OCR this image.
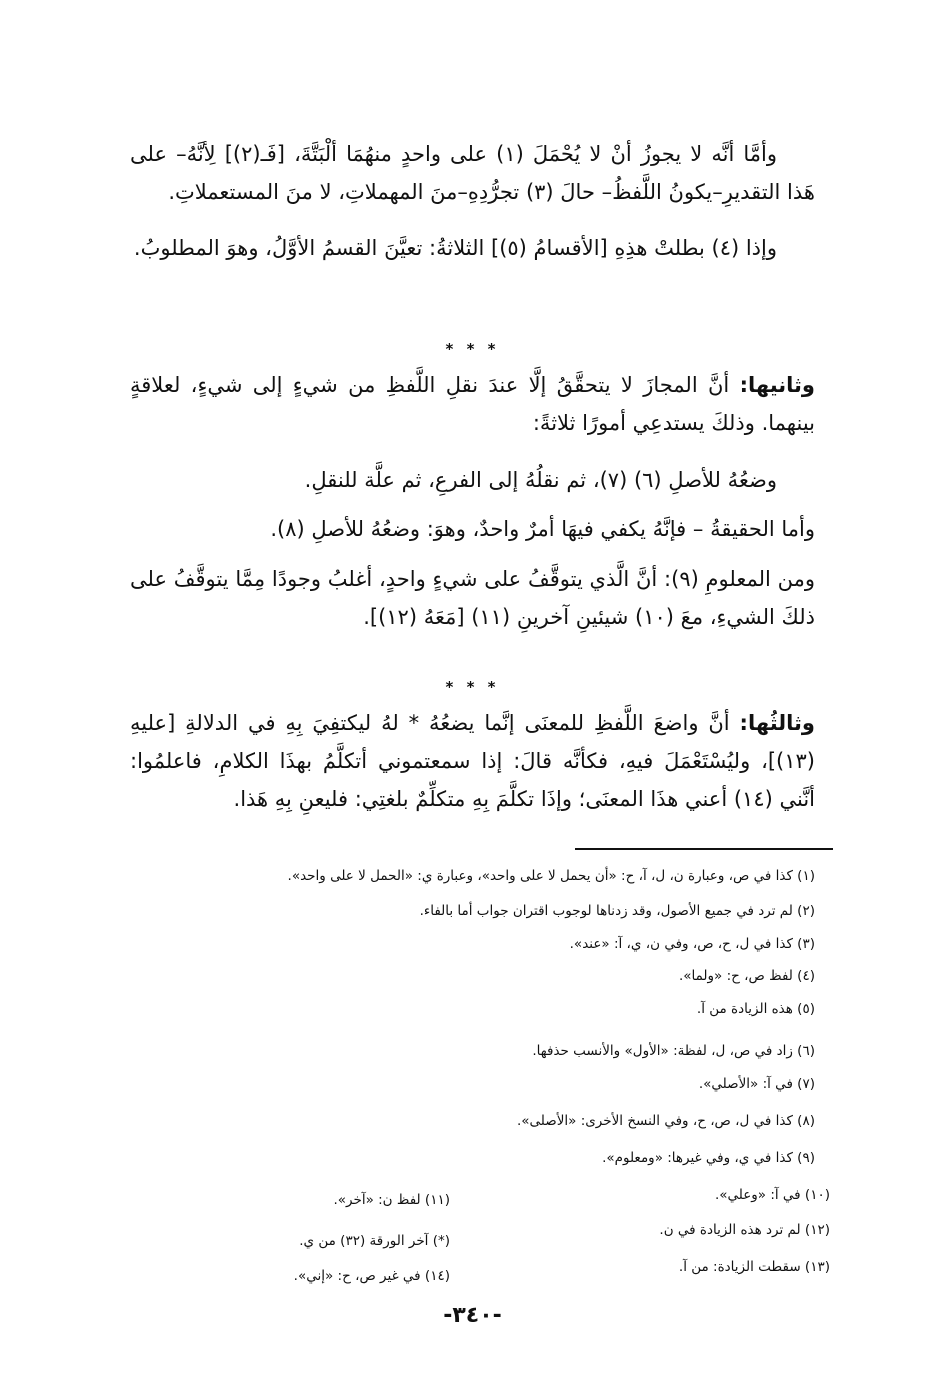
وأمَّا أنَّه لا يجوزُ أنْ لا يُحْمَلَ (١) على واحدٍ منهُمَا ألْبَتَّةَ، [فَـ(٢)] لِأنَّهُ– على هَذا التقديرِ–يكونُ اللَّفظُ– حالَ (٣) تجرُّدِهِ–منَ المهملاتِ، لا منَ المستعملاتِ.

وإذا (٤) بطلتْ هذِهِ [الأقسامُ (٥)] الثلاثةُ: تعيَّنَ القسمُ الأوَّلُ، وهوَ المطلوبُ.

* * *

وثانيها: أنَّ المجازَ لا يتحقَّقُ إلَّا عندَ نقلِ اللَّفظِ من شيءٍ إلى شيءٍ، لعلاقةٍ بينهما. وذلكَ يستدعِي أمورًا ثلاثةً:

وضعُهُ للأصلِ (٦) (٧)، ثم نقلُهُ إلى الفرعِ، ثم علَّة للنقلِ.

وأما الحقيقةُ – فإنَّهُ يكفي فيهَا أمرٌ واحدٌ، وهوَ: وضعُهُ للأصلِ (٨).

ومن المعلومِ (٩): أنَّ الَّذي يتوقَّفُ على شيءٍ واحدٍ، أغلبُ وجودًا مِمَّا يتوقَّفُ على ذلكَ الشيءِ، معَ (١٠) شيئينِ آخرينِ (١١) [مَعَهُ (١٢)].

* * *

وثالثُها: أنَّ واضعَ اللَّفظِ للمعنَى إنَّما يضعُهُ * لهُ ليكتفِيَ بِهِ في الدلالةِ [عليهِ (١٣)]، وليُسْتَعْمَلَ فيهِ، فكأنَّه قالَ: إذا سمعتموني أتكلَّمُ بهذَا الكلامِ، فاعلمُوا: أنَّني (١٤) أعني هذَا المعنَى؛ وإذَا تكلَّمَ بِهِ متكلِّمٌ بلغتِي: فليعنِ بِهِ هَذا.

(١) كذا في ص، وعبارة ن، ل، آ، ح: «أن يحمل لا على واحد»، وعبارة ي: «الحمل لا على واحد».
(٢) لم ترد في جميع الأصول، وقد زدناها لوجوب اقتران جواب أما بالفاء.
(٣) كذا في ل، ح، ص، وفي ن، ي، آ: «عند».
(٤) لفظ ص، ح: «ولما».
(٥) هذه الزيادة من آ.
(٦) زاد في ص، ل، لفظة: «الأول» والأنسب حذفها.
(٧) في آ: «الأصلي».
(٨) كذا في ل، ص، ح، وفي النسخ الأخرى: «الأصلى».
(٩) كذا في ي، وفي غيرها: «ومعلوم».
(١٠) في آ: «وعلي».
(١١) لفظ ن: «آخر».
(١٢) لم ترد هذه الزيادة في ن.
(*) آخر الورقة (٣٢) من ي.
(١٣) سقطت الزيادة: من آ.
(١٤) في غير ص، ح: «إني».
-٣٤٠-
